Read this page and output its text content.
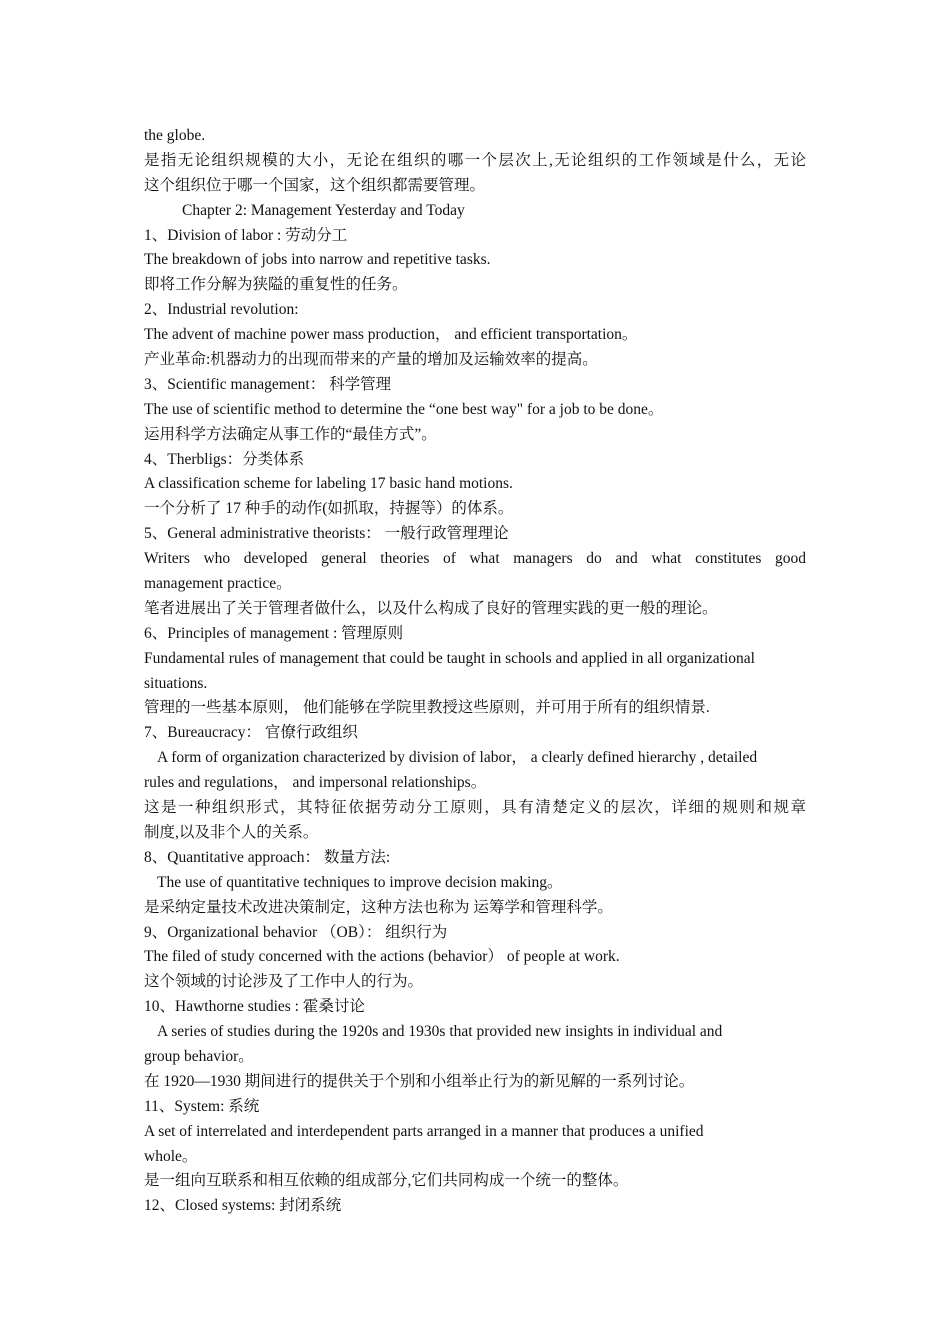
the globe.
是指无论组织规模的大小，无论在组织的哪一个层次上,无论组织的工作领域是什么，无论
这个组织位于哪一个国家，这个组织都需要管理。
Chapter 2: Management Yesterday and Today
1、Division of labor : 劳动分工
The breakdown of jobs into narrow and repetitive tasks.
即将工作分解为狭隘的重复性的任务。
2、Industrial revolution:
The advent of machine power mass production， and efficient transportation。
产业革命:机器动力的出现而带来的产量的增加及运输效率的提高。
3、Scientific management： 科学管理
The use of scientific method to determine the “one best way" for a job to be done。
运用科学方法确定从事工作的“最佳方式”。
4、Therbligs：分类体系
A classification scheme for labeling 17 basic hand motions.
一个分析了 17 种手的动作(如抓取，持握等）的体系。
5、General administrative theorists： 一般行政管理理论
Writers who developed general theories of what managers do and what constitutes good
management practice。
笔者进展出了关于管理者做什么，以及什么构成了良好的管理实践的更一般的理论。
6、Principles of management : 管理原则
Fundamental rules of management that could be taught in schools and applied in all organizational
situations.
管理的一些基本原则， 他们能够在学院里教授这些原则，并可用于所有的组织情景.
7、Bureaucracy： 官僚行政组织
A form of organization characterized by division of labor， a clearly defined hierarchy , detailed
rules and regulations， and impersonal relationships。
这是一种组织形式，其特征依据劳动分工原则，具有清楚定义的层次，详细的规则和规章
制度,以及非个人的关系。
8、Quantitative approach： 数量方法:
The use of quantitative techniques to improve decision making。
是采纳定量技术改进决策制定，这种方法也称为 运筹学和管理科学。
9、Organizational behavior （OB）： 组织行为
The filed of study concerned with the actions (behavior） of people at work.
这个领域的讨论涉及了工作中人的行为。
10、Hawthorne studies : 霍桑讨论
A series of studies during the 1920s and 1930s that provided new insights in individual and
group behavior。
在 1920—1930 期间进行的提供关于个别和小组举止行为的新见解的一系列讨论。
11、System: 系统
A set of interrelated and interdependent parts arranged in a manner that produces a unified
whole。
是一组向互联系和相互依赖的组成部分,它们共同构成一个统一的整体。
12、Closed systems: 封闭系统
